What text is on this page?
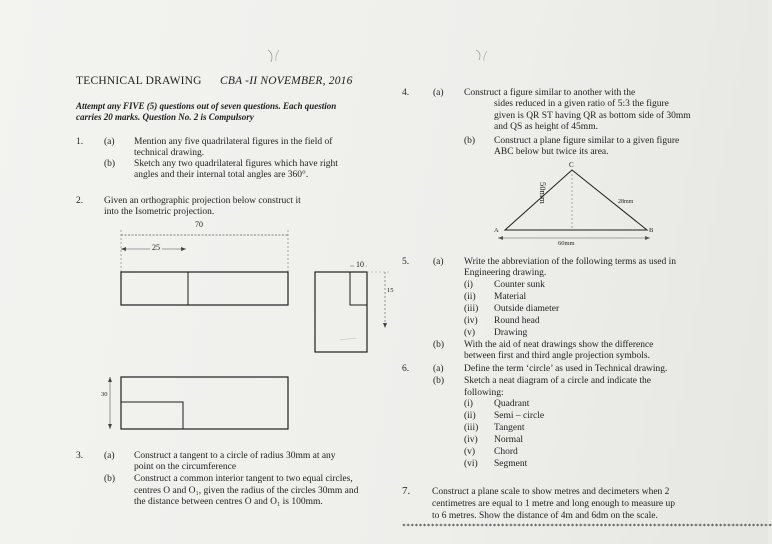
TECHNICAL DRAWING CBA -II NOVEMBER, 2016
Attempt any FIVE (5) questions out of seven questions. Each question
carries 20 marks. Question No. 2 is Compulsory
1. (a) Mention any five quadrilateral figures in the field of
technical drawing.
(b) Sketch any two quadrilateral figures which have right
angles and their internal total angles are 360°.
2. Given an orthographic projection below construct it
into the Isometric projection.
70
25
10
15
30
3. (a) Construct a tangent to a circle of radius 30mm at any
point on the circumference
(b) Construct a common interior tangent to two equal circles,
centres O and O₁, given the radius of the circles 30mm and
the distance between centres O and O₁ is 100mm.
4.	(a) Construct a figure similar to another with the
sides reduced in a given ratio of 5:3 the figure
given is QR ST having QR as bottom side of 30mm
and QS as height of 45mm.
(b) Construct a plane figure similar to a given figure
ABC below but twice its area.
C
A	B
50mm	28mm
60mm
5.	(a) Write the abbreviation of the following terms as used in
Engineering drawing.
(i) Counter sunk
(ii) Material
(iii) Outside diameter
(iv) Round head
(v) Drawing
(b) With the aid of neat drawings show the difference
between first and third angle projection symbols.
6.	(a) Define the term ‘circle’ as used in Technical drawing.
(b) Sketch a neat diagram of a circle and indicate the
following:
(i) Quadrant
(ii) Semi – circle
(iii) Tangent
(iv) Normal
(v) Chord
(vi) Segment
7. Construct a plane scale to show metres and decimeters when 2
centimetres are equal to 1 metre and long enough to measure up
to 6 metres. Show the distance of 4m and 6dm on the scale.
******************************************************************************************
